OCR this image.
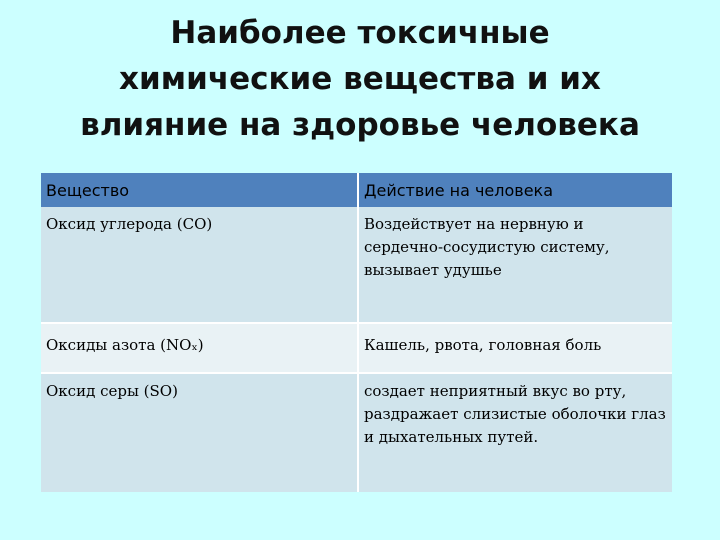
Наиболее токсичные
химические вещества и их
влияние на здоровье человека
Вещество	Действие на человека
Оксид углерода (CO)	Воздействует на нервную и сердечно-сосудистую систему, вызывает удушье
Оксиды азота (NOₓ)	Кашель, рвота, головная боль
Оксид серы (SO)	создает неприятный вкус во рту, раздражает слизистые оболочки глаз и дыхательных путей.
